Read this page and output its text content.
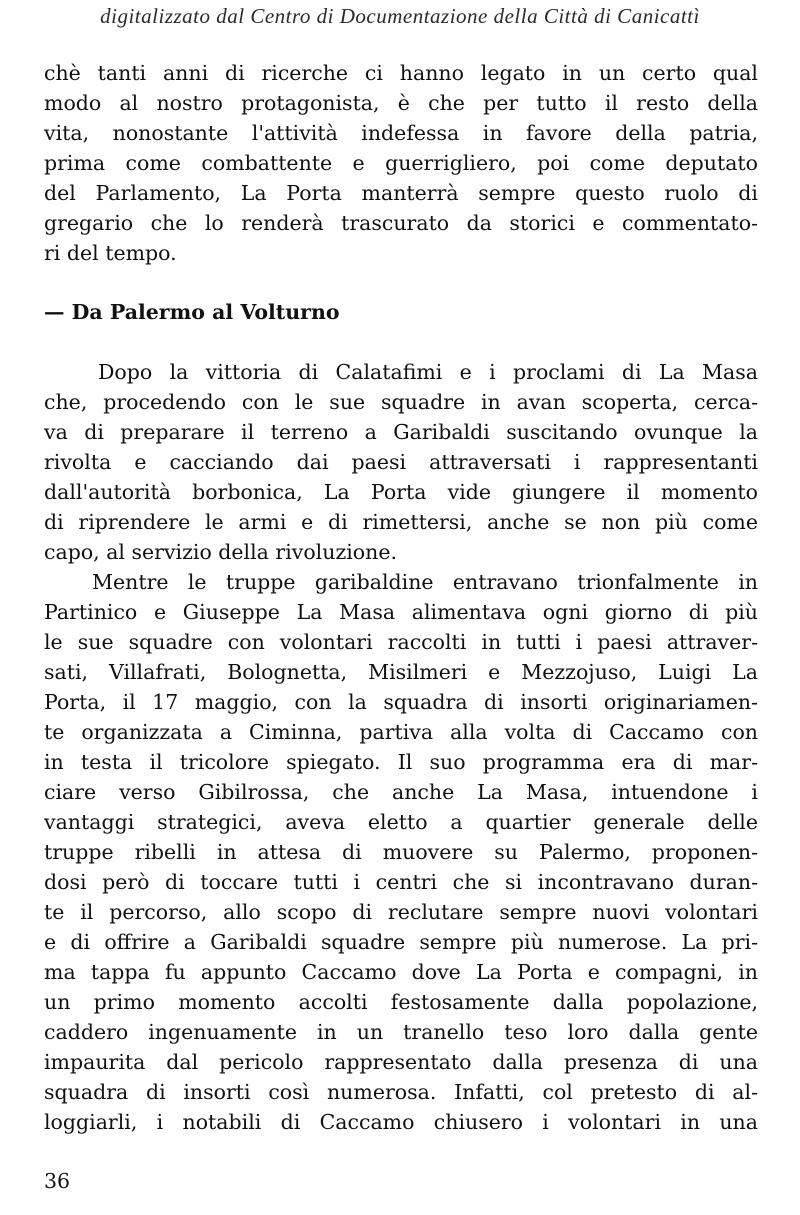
digitalizzato dal Centro di Documentazione della Città di Canicattì
chè tanti anni di ricerche ci hanno legato in un certo qual
modo al nostro protagonista, è che per tutto il resto della
vita, nonostante l'attività indefessa in favore della patria,
prima come combattente e guerrigliero, poi come deputato
del Parlamento, La Porta manterrà sempre questo ruolo di
gregario che lo renderà trascurato da storici e commentato-
ri del tempo.
— Da Palermo al Volturno
Dopo la vittoria di Calatafimi e i proclami di La Masa
che, procedendo con le sue squadre in avan scoperta, cerca-
va di preparare il terreno a Garibaldi suscitando ovunque la
rivolta e cacciando dai paesi attraversati i rappresentanti
dall'autorità borbonica, La Porta vide giungere il momento
di riprendere le armi e di rimettersi, anche se non più come
capo, al servizio della rivoluzione.
Mentre le truppe garibaldine entravano trionfalmente in
Partinico e Giuseppe La Masa alimentava ogni giorno di più
le sue squadre con volontari raccolti in tutti i paesi attraver-
sati, Villafrati, Bolognetta, Misilmeri e Mezzojuso, Luigi La
Porta, il 17 maggio, con la squadra di insorti originariamen-
te organizzata a Ciminna, partiva alla volta di Caccamo con
in testa il tricolore spiegato. Il suo programma era di mar-
ciare verso Gibilrossa, che anche La Masa, intuendone i
vantaggi strategici, aveva eletto a quartier generale delle
truppe ribelli in attesa di muovere su Palermo, proponen-
dosi però di toccare tutti i centri che si incontravano duran-
te il percorso, allo scopo di reclutare sempre nuovi volontari
e di offrire a Garibaldi squadre sempre più numerose. La pri-
ma tappa fu appunto Caccamo dove La Porta e compagni, in
un primo momento accolti festosamente dalla popolazione,
caddero ingenuamente in un tranello teso loro dalla gente
impaurita dal pericolo rappresentato dalla presenza di una
squadra di insorti così numerosa. Infatti, col pretesto di al-
loggiarli, i notabili di Caccamo chiusero i volontari in una
36
